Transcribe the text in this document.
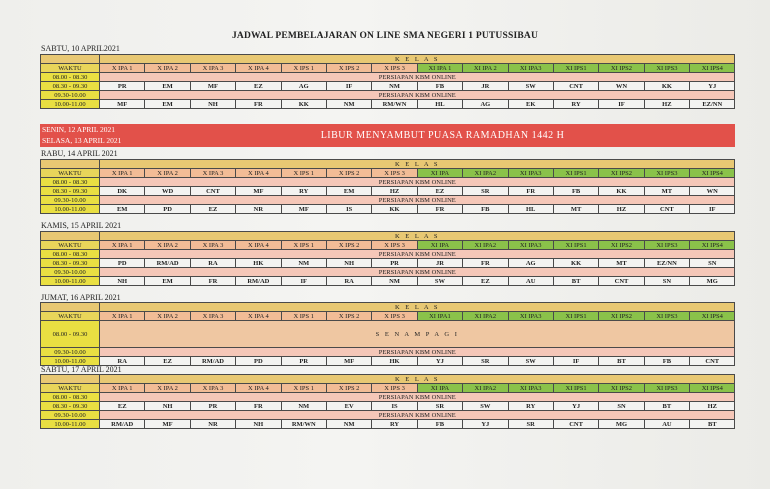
JADWAL PEMBELAJARAN ON LINE SMA NEGERI 1 PUTUSSIBAU
SABTU, 10 APRIL2021
	K E L A S													
WAKTU	X IPA 1	X IPA 2	X IPA 3	X IPA 4	X IPS 1	X IPS 2	X IPS 3	XI IPA 1	XI IPA 2	XI IPA3	XI IPS1	XI IPS2	XI IPS3	XI IPS4
08.00 - 08.30	PERSIAPAN KBM ONLINE													
08.30 - 09.30	PR	EM	MF	EZ	AG	IF	NM	FB	JR	SW	CNT	WN	KK	YJ
09.30-10.00	PERSIAPAN KBM ONLINE													
10.00-11.00	MF	EM	NH	FR	KK	NM	RM/WN	HL	AG	EK	RY	IF	HZ	EZ/NN
SENIN, 12 APRIL 2021
SELASA, 13 APRIL 2021	LIBUR MENYAMBUT PUASA RAMADHAN 1442 H
RABU, 14 APRIL 2021
	K E L A S													
WAKTU	X IPA 1	X IPA 2	X IPA 3	X IPA 4	X IPS 1	X IPS 2	X IPS 3	XI IPA	XI IPA2	XI IPA3	XI IPS1	XI IPS2	XI IPS3	XI IPS4
08.00 - 08.30	PERSIAPAN KBM ONLINE													
08.30 - 09.30	DK	WD	CNT	MF	RY	EM	HZ	EZ	SR	FR	FB	KK	MT	WN
09.30-10.00	PERSIAPAN KBM ONLINE													
10.00-11.00	EM	PD	EZ	NR	MF	IS	KK	FR	FB	HL	MT	HZ	CNT	IF
KAMIS, 15 APRIL 2021
	K E L A S													
WAKTU	X IPA 1	X IPA 2	X IPA 3	X IPA 4	X IPS 1	X IPS 2	X IPS 3	XI IPA	XI IPA2	XI IPA3	XI IPS1	XI IPS2	XI IPS3	XI IPS4
08.00 - 08.30	PERSIAPAN KBM ONLINE													
08.30 - 09.30	PD	RM/AD	RA	HK	NM	NH	PR	JR	FR	AG	KK	MT	EZ/NN	SN
09.30-10.00	PERSIAPAN KBM ONLINE													
10.00-11.00	NH	EM	FR	RM/AD	IF	RA	NM	SW	EZ	AU	BT	CNT	SN	MG
JUMAT, 16 APRIL 2021
	K E L A S													
WAKTU	X IPA 1	X IPA 2	X IPA 3	X IPA 4	X IPS 1	X IPS 2	X IPS 3	XI IPA1	XI IPA2	XI IPA3	XI IPS1	XI IPS2	XI IPS3	XI IPS4
08.00 - 09.30	S E N A M P A G I													
09.30-10.00	PERSIAPAN KBM ONLINE													
10.00-11.00	RA	EZ	RM/AD	PD	PR	MF	HK	YJ	SR	SW	IF	BT	FB	CNT
SABTU, 17 APRIL 2021
	K E L A S													
WAKTU	X IPA 1	X IPA 2	X IPA 3	X IPA 4	X IPS 1	X IPS 2	X IPS 3	XI IPA	XI IPA2	XI IPA3	XI IPS1	XI IPS2	XI IPS3	XI IPS4
08.00 - 08.30	PERSIAPAN KBM ONLINE													
08.30 - 09.30	EZ	NH	PR	FR	NM	EV	IS	SR	SW	RY	YJ	SN	BT	HZ
09.30-10.00	PERSIAPAN KBM ONLINE													
10.00-11.00	RM/AD	MF	NR	NH	RM/WN	NM	RY	FB	YJ	SR	CNT	MG	AU	BT
